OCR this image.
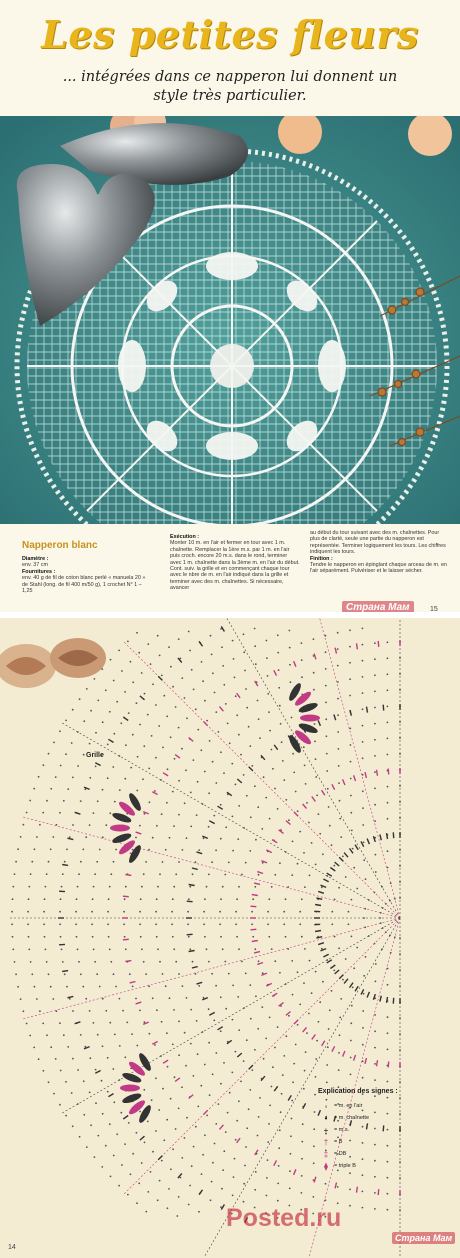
Les petites fleurs
... intégrées dans ce napperon lui donnent un
style très particulier.
Napperon blanc
Diamètre :
env. 37 cm
Fournitures :
env. 40 g de fil de coton blanc perlé « manuela 20 » de Stahl (long. de fil 400 m/50 g), 1 crochet N° 1 – 1,25
Exécution :
Monter 10 m. en l'air et fermer en tour avec 1 m. chaînette. Remplacer la 1ère m.s. par 1 m. en l'air puis croch. encore 20 m.s. dans le rond, terminer avec 1 m. chaînette dans la 3ème m. en l'air du début. Cont. suiv. la grille et en commençant chaque tour avec le nbre de m. en l'air indiqué dans la grille et terminer avec des m. chaînettes. Si nécessaire, avancer
au début du tour suivant avec des m. chaînettes. Pour plus de clarté, seule une partie du napperon est représentée. Terminer logiquement les tours. Les chiffres indiquent les tours.
Finition :
Tendre le napperon en épinglant chaque arceau de m. en l'air séparément. Pulvériser et le laisser sécher.
Страна Мам	15
Grille
Explication des signes :
◦	= m. en l'air
•	= m. chaînette
+	= m.s.
†	= B
‡	= DB
⧫	= triple B
Posted.ru
Страна Мам
14
